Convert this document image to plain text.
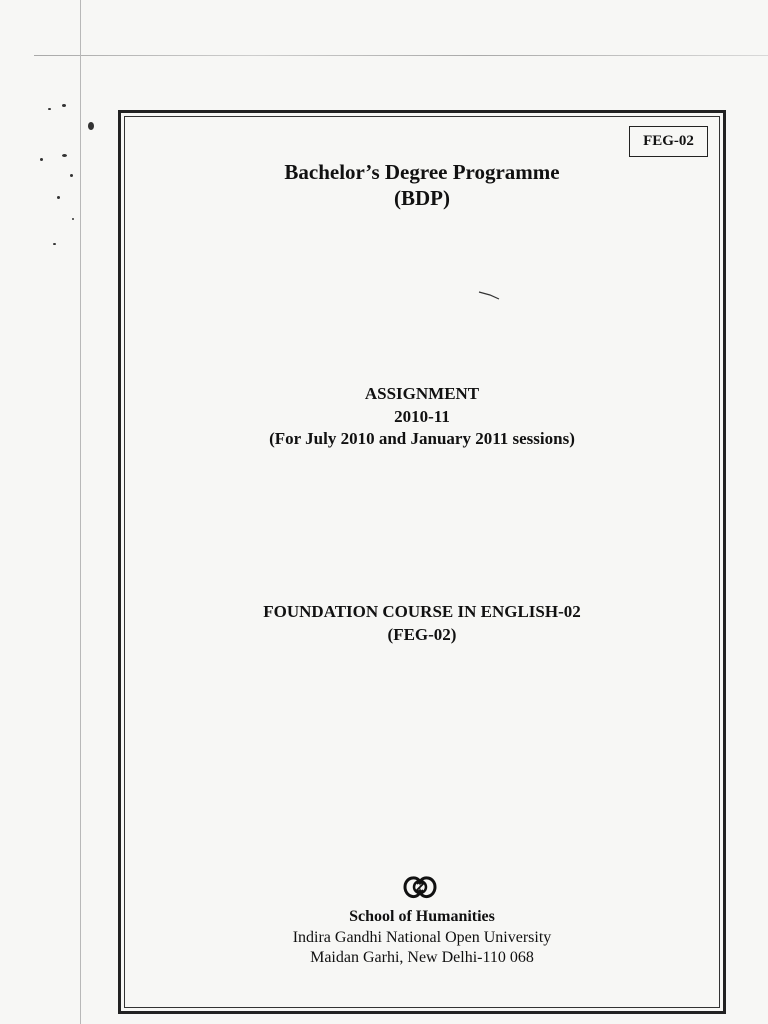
FEG-02
Bachelor’s Degree Programme
(BDP)
ASSIGNMENT
2010-11
(For July 2010 and January 2011 sessions)
FOUNDATION COURSE IN ENGLISH-02
(FEG-02)
School of Humanities
Indira Gandhi National Open University
Maidan Garhi, New Delhi-110 068
